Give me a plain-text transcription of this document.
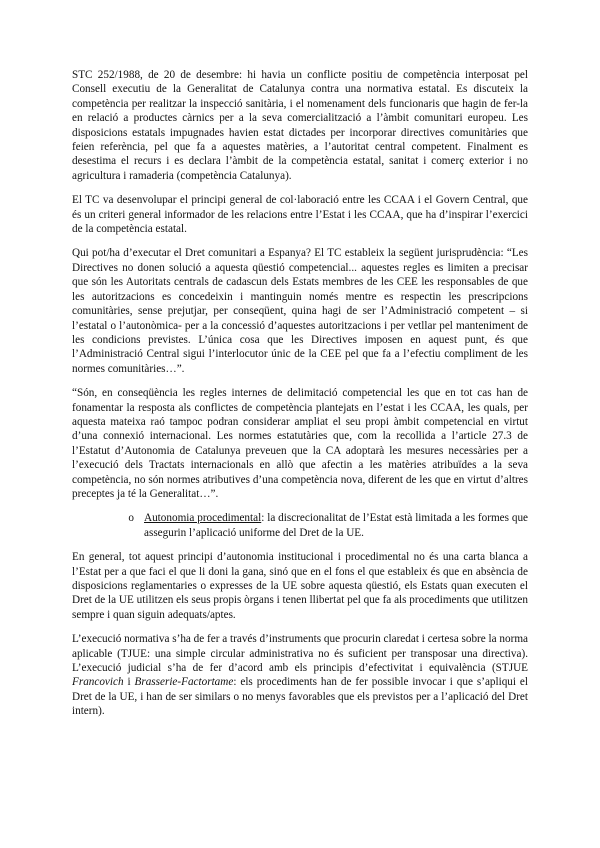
STC 252/1988, de 20 de desembre: hi havia un conflicte positiu de competència interposat pel Consell executiu de la Generalitat de Catalunya contra una normativa estatal. Es discuteix la competència per realitzar la inspecció sanitària, i el nomenament dels funcionaris que hagin de fer-la en relació a productes càrnics per a la seva comercialització a l’àmbit comunitari europeu. Les disposicions estatals impugnades havien estat dictades per incorporar directives comunitàries que feien referència, pel que fa a aquestes matèries, a l’autoritat central competent. Finalment es desestima el recurs i es declara l’àmbit de la competència estatal, sanitat i comerç exterior i no agricultura i ramaderia (competència Catalunya).

El TC va desenvolupar el principi general de col·laboració entre les CCAA i el Govern Central, que és un criteri general informador de les relacions entre l’Estat i les CCAA, que ha d’inspirar l’exercici de la competència estatal.

Qui pot/ha d’executar el Dret comunitari a Espanya? El TC estableix la següent jurisprudència: “Les Directives no donen solució a aquesta qüestió competencial... aquestes regles es limiten a precisar que són les Autoritats centrals de cadascun dels Estats membres de les CEE les responsables de que les autoritzacions es concedeixin i mantinguin només mentre es respectin les prescripcions comunitàries, sense prejutjar, per conseqüent, quina hagi de ser l’Administració competent – si l’estatal o l’autonòmica- per a la concessió d’aquestes autoritzacions i per vetllar pel manteniment de les condicions previstes. L’única cosa que les Directives imposen en aquest punt, és que l’Administració Central sigui l’interlocutor únic de la CEE pel que fa a l’efectiu compliment de les normes comunitàries…”.

“Són, en conseqüència les regles internes de delimitació competencial les que en tot cas han de fonamentar la resposta als conflictes de competència plantejats en l’estat i les CCAA, les quals, per aquesta mateixa raó tampoc podran considerar ampliat el seu propi àmbit competencial en virtut d’una connexió internacional. Les normes estatutàries que, com la recollida a l’article 27.3 de l’Estatut d’Autonomia de Catalunya preveuen que la CA adoptarà les mesures necessàries per a l’execució dels Tractats internacionals en allò que afectin a les matèries atribuïdes a la seva competència, no són normes atributives d’una competència nova, diferent de les que en virtut d’altres preceptes ja té la Generalitat…”.

o Autonomia procedimental: la discrecionalitat de l’Estat està limitada a les formes que assegurin l’aplicació uniforme del Dret de la UE.

En general, tot aquest principi d’autonomia institucional i procedimental no és una carta blanca a l’Estat per a que faci el que li doni la gana, sinó que en el fons el que estableix és que en absència de disposicions reglamentaries o expresses de la UE sobre aquesta qüestió, els Estats quan executen el Dret de la UE utilitzen els seus propis òrgans i tenen llibertat pel que fa als procediments que utilitzen sempre i quan siguin adequats/aptes.

L’execució normativa s’ha de fer a través d’instruments que procurin claredat i certesa sobre la norma aplicable (TJUE: una simple circular administrativa no és suficient per transposar una directiva). L’execució judicial s’ha de fer d’acord amb els principis d’efectivitat i equivalència (STJUE Francovich i Brasserie-Factortame: els procediments han de fer possible invocar i que s’apliqui el Dret de la UE, i han de ser similars o no menys favorables que els previstos per a l’aplicació del Dret intern).
